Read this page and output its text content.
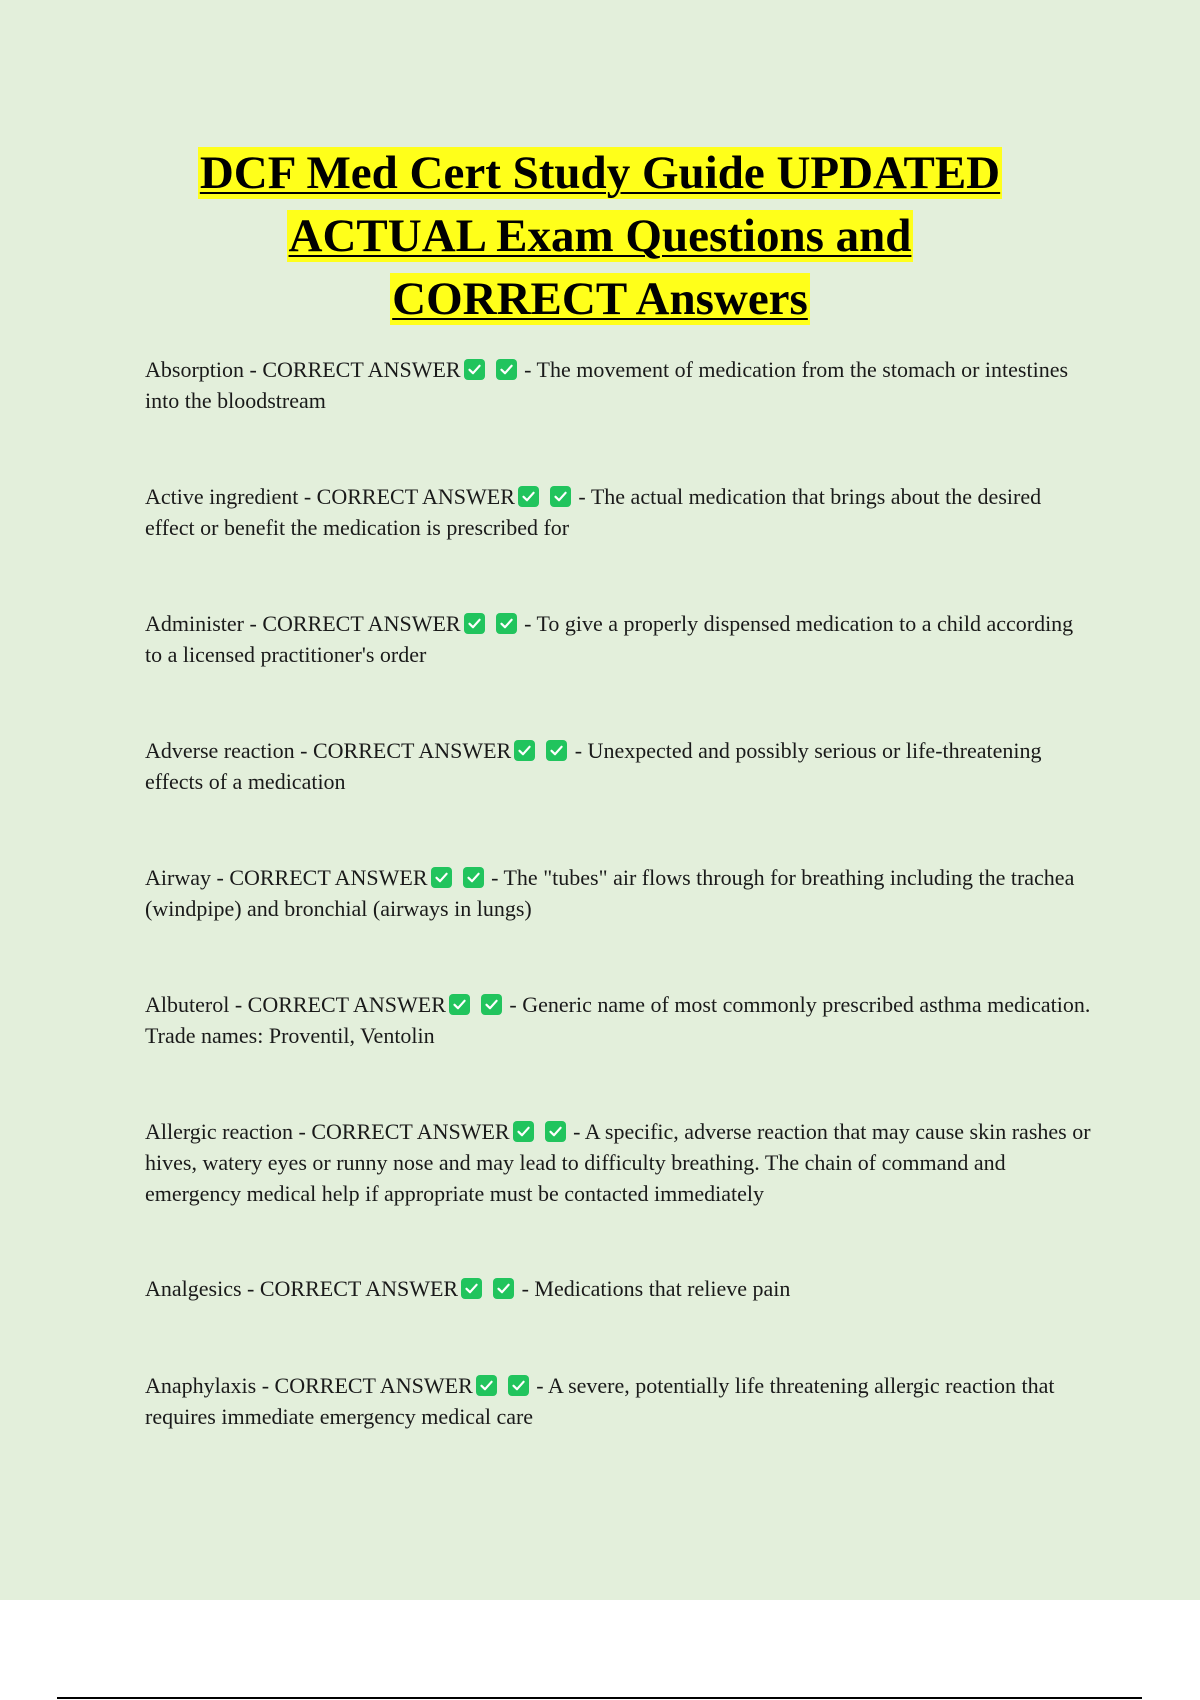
DCF Med Cert Study Guide UPDATED
ACTUAL Exam Questions and
CORRECT Answers

Absorption - CORRECT ANSWER	- The movement of medication from the stomach or intestines into the bloodstream

Active ingredient - CORRECT ANSWER	- The actual medication that brings about the desired effect or benefit the medication is prescribed for

Administer - CORRECT ANSWER	- To give a properly dispensed medication to a child according to a licensed practitioner's order

Adverse reaction - CORRECT ANSWER	- Unexpected and possibly serious or life-threatening effects of a medication

Airway - CORRECT ANSWER	- The "tubes" air flows through for breathing including the trachea (windpipe) and bronchial (airways in lungs)

Albuterol - CORRECT ANSWER	- Generic name of most commonly prescribed asthma medication. Trade names: Proventil, Ventolin

Allergic reaction - CORRECT ANSWER	- A specific, adverse reaction that may cause skin rashes or hives, watery eyes or runny nose and may lead to difficulty breathing. The chain of command and emergency medical help if appropriate must be contacted immediately

Analgesics - CORRECT ANSWER	- Medications that relieve pain

Anaphylaxis - CORRECT ANSWER	- A severe, potentially life threatening allergic reaction that requires immediate emergency medical care
